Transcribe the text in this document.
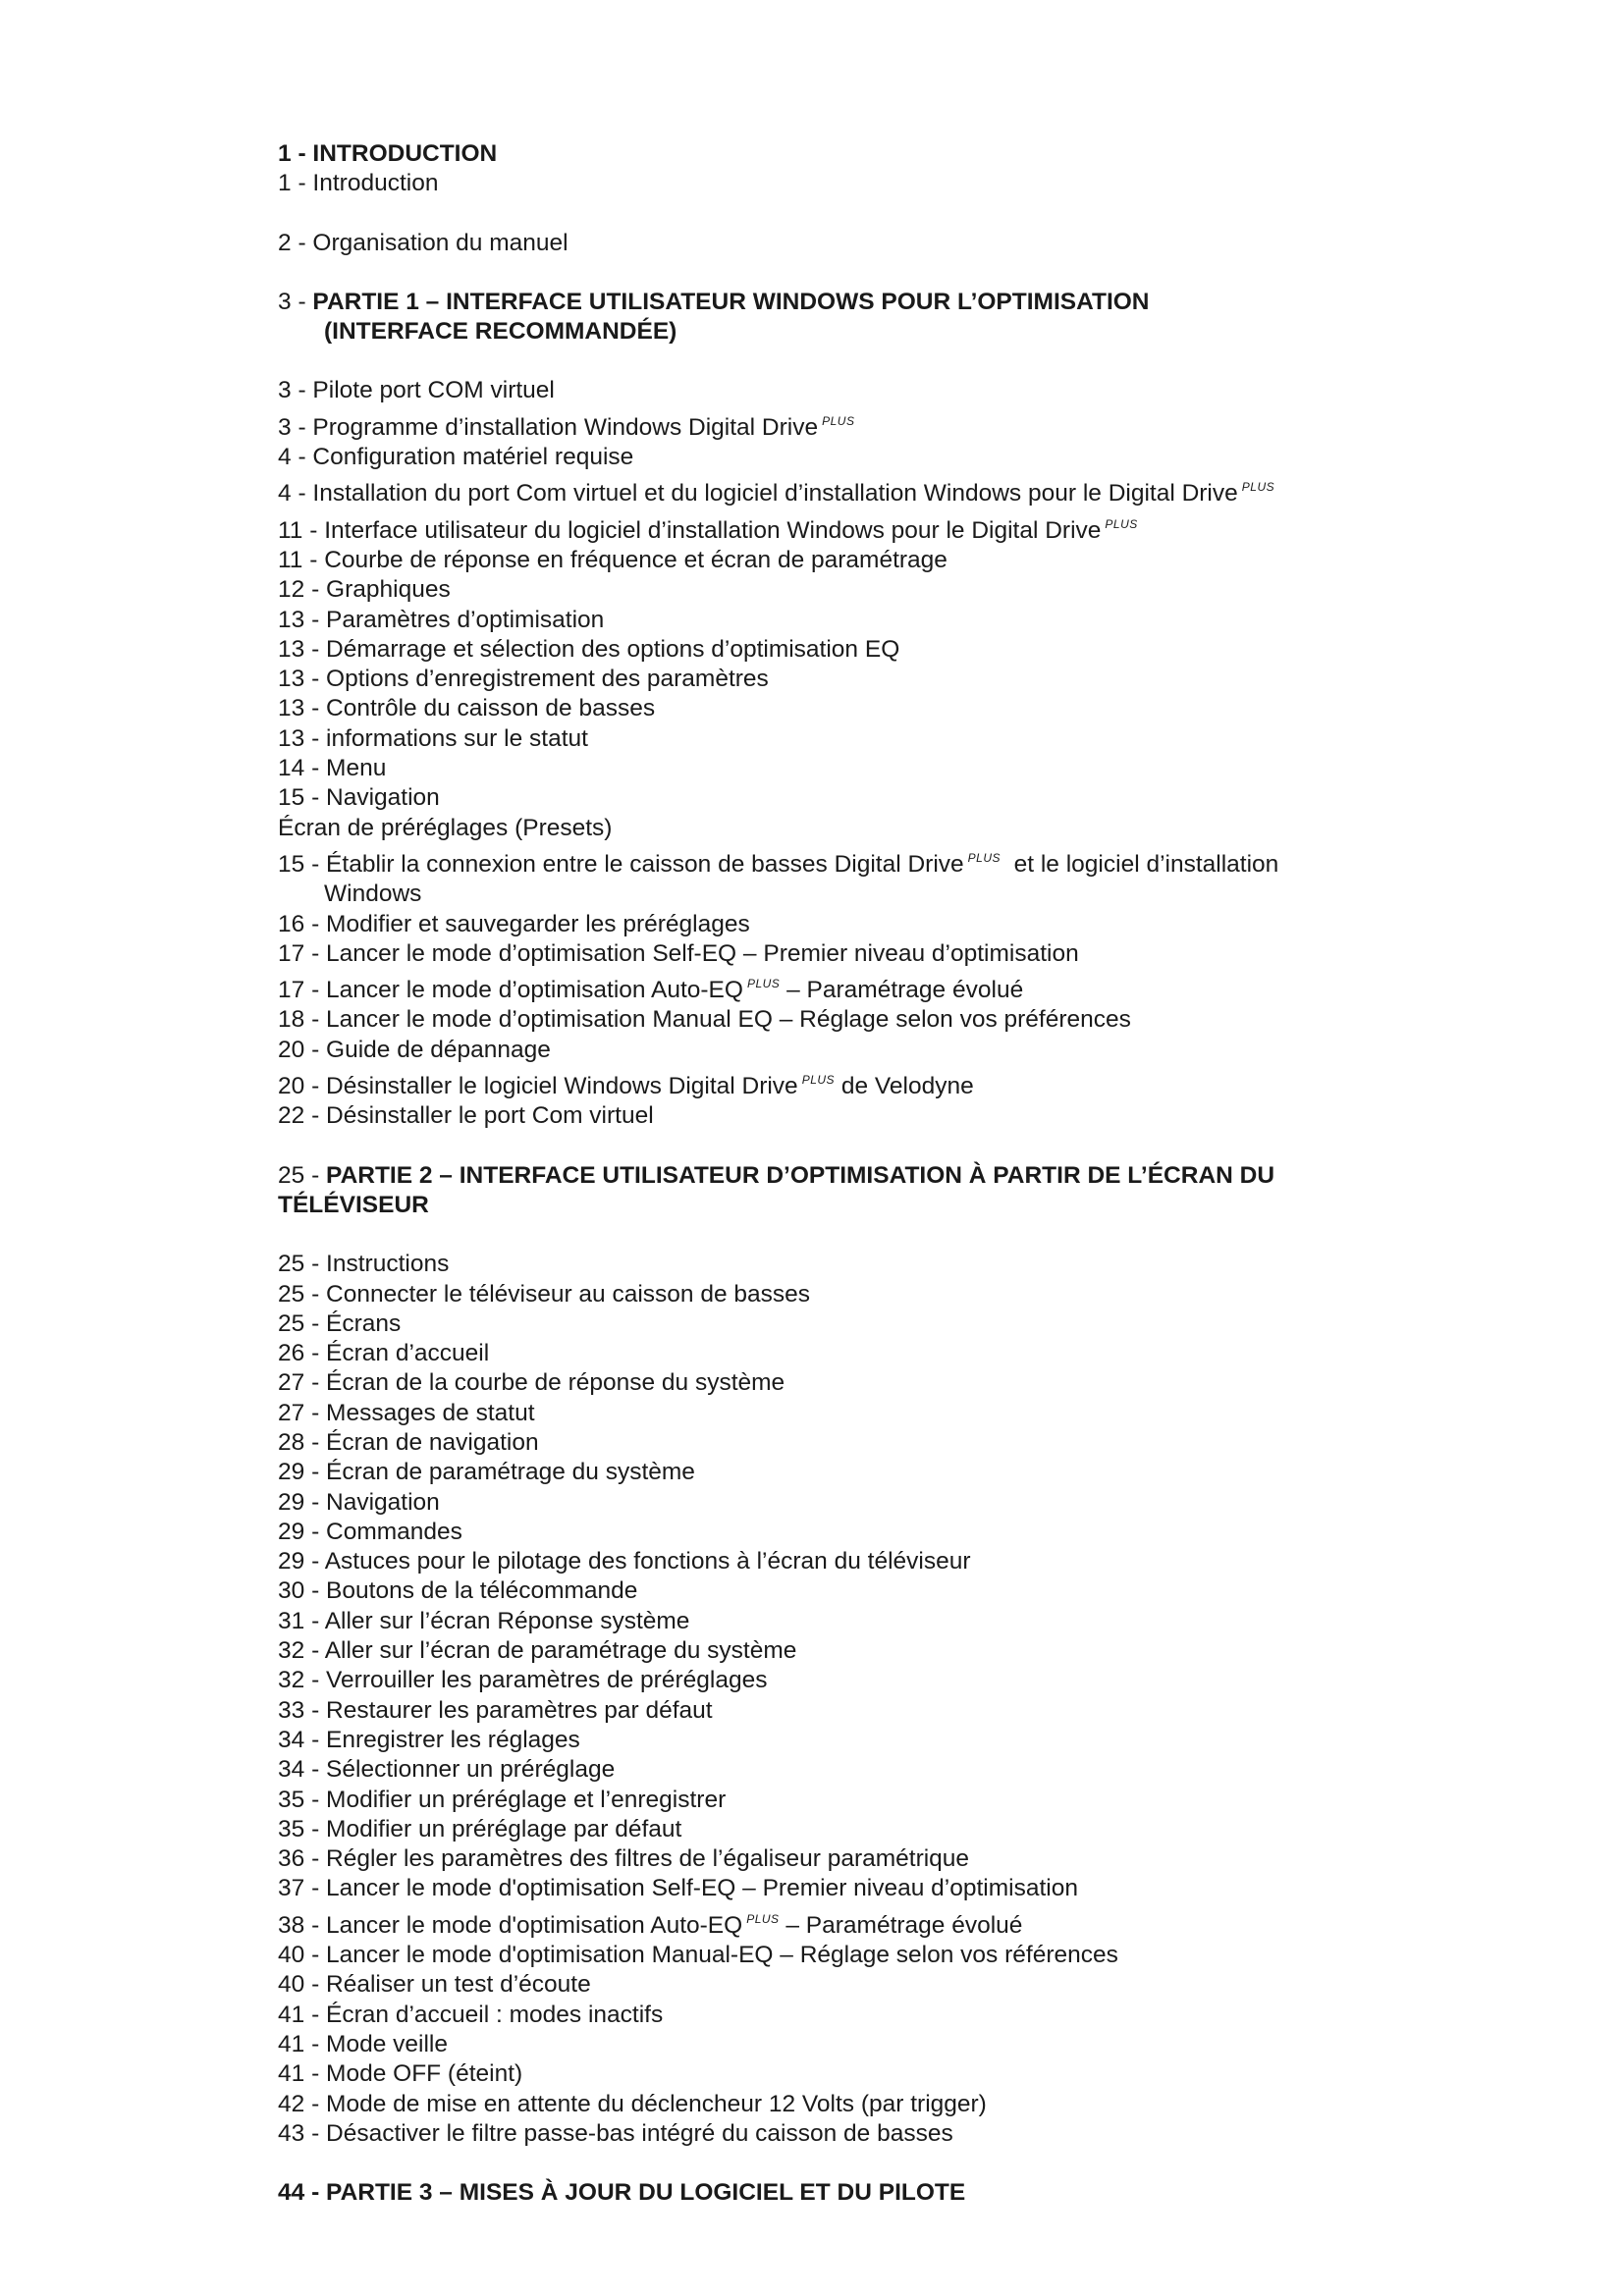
1 - INTRODUCTION
1 - Introduction
2 - Organisation du manuel
3 - PARTIE 1 – INTERFACE UTILISATEUR WINDOWS POUR L’OPTIMISATION
(INTERFACE RECOMMANDÉE)
3 - Pilote port COM virtuel
3 - Programme d’installation Windows Digital Drive $^{PLUS}$
4 - Configuration matériel requise
4 - Installation du port Com virtuel et du logiciel d’installation Windows pour le Digital Drive $^{PLUS}$
11 - Interface utilisateur du logiciel d’installation Windows pour le Digital Drive $^{PLUS}$
11 - Courbe de réponse en fréquence et écran de paramétrage
12 - Graphiques
13 - Paramètres d’optimisation
13 - Démarrage et sélection des options d’optimisation EQ
13 - Options d’enregistrement des paramètres
13 - Contrôle du caisson de basses
13 - informations sur le statut
14 - Menu
15 - Navigation
Écran de préréglages (Presets)
15 - Établir la connexion entre le caisson de basses Digital Drive $^{PLUS}$ et le logiciel d’installation
Windows
16 - Modifier et sauvegarder les préréglages
17 - Lancer le mode d’optimisation Self-EQ – Premier niveau d’optimisation
17 - Lancer le mode d’optimisation Auto-EQ $^{PLUS}$ – Paramétrage évolué
18 - Lancer le mode d’optimisation Manual EQ – Réglage selon vos préférences
20 - Guide de dépannage
20 - Désinstaller le logiciel Windows Digital Drive $^{PLUS}$ de Velodyne
22 - Désinstaller le port Com virtuel
25 - PARTIE 2 – INTERFACE UTILISATEUR D’OPTIMISATION À PARTIR DE L’ÉCRAN DU
TÉLÉVISEUR
25 - Instructions
25 - Connecter le téléviseur au caisson de basses
25 - Écrans
26 - Écran d’accueil
27 - Écran de la courbe de réponse du système
27 - Messages de statut
28 - Écran de navigation
29 - Écran de paramétrage du système
29 - Navigation
29 - Commandes
29 - Astuces pour le pilotage des fonctions à l’écran du téléviseur
30 - Boutons de la télécommande
31 - Aller sur l’écran Réponse système
32 - Aller sur l’écran de paramétrage du système
32 - Verrouiller les paramètres de préréglages
33 - Restaurer les paramètres par défaut
34 - Enregistrer les réglages
34 - Sélectionner un préréglage
35 - Modifier un préréglage et l’enregistrer
35 - Modifier un préréglage par défaut
36 - Régler les paramètres des filtres de l’égaliseur paramétrique
37 - Lancer le mode d'optimisation Self-EQ – Premier niveau d’optimisation
38 - Lancer le mode d'optimisation Auto-EQ $^{PLUS}$ – Paramétrage évolué
40 - Lancer le mode d'optimisation Manual-EQ – Réglage selon vos références
40 - Réaliser un test d’écoute
41 - Écran d’accueil : modes inactifs
41 - Mode veille
41 - Mode OFF (éteint)
42 - Mode de mise en attente du déclencheur 12 Volts (par trigger)
43 - Désactiver le filtre passe-bas intégré du caisson de basses
44 - PARTIE 3 – MISES À JOUR DU LOGICIEL ET DU PILOTE
